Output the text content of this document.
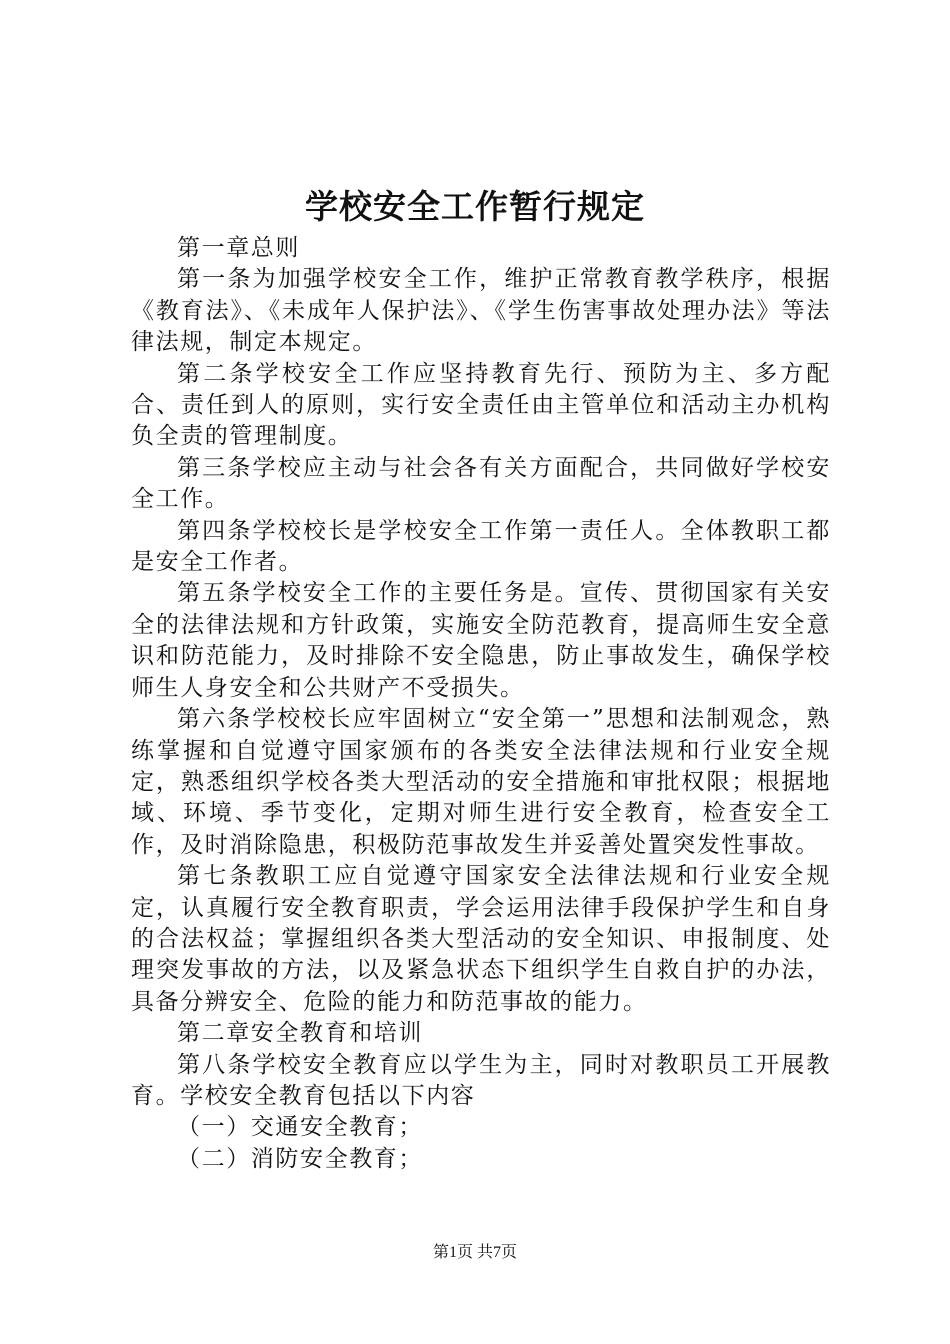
学校安全工作暂行规定

第一章总则

第一条为加强学校安全工作，维护正常教育教学秩序，根据《教育法》、《未成年人保护法》、《学生伤害事故处理办法》等法律法规，制定本规定。

第二条学校安全工作应坚持教育先行、预防为主、多方配合、责任到人的原则，实行安全责任由主管单位和活动主办机构负全责的管理制度。

第三条学校应主动与社会各有关方面配合，共同做好学校安全工作。

第四条学校校长是学校安全工作第一责任人。全体教职工都是安全工作者。

第五条学校安全工作的主要任务是。宣传、贯彻国家有关安全的法律法规和方针政策，实施安全防范教育，提高师生安全意识和防范能力，及时排除不安全隐患，防止事故发生，确保学校师生人身安全和公共财产不受损失。

第六条学校校长应牢固树立“安全第一”思想和法制观念，熟练掌握和自觉遵守国家颁布的各类安全法律法规和行业安全规定，熟悉组织学校各类大型活动的安全措施和审批权限；根据地域、环境、季节变化，定期对师生进行安全教育，检查安全工作，及时消除隐患，积极防范事故发生并妥善处置突发性事故。

第七条教职工应自觉遵守国家安全法律法规和行业安全规定，认真履行安全教育职责，学会运用法律手段保护学生和自身的合法权益；掌握组织各类大型活动的安全知识、申报制度、处理突发事故的方法，以及紧急状态下组织学生自救自护的办法，具备分辨安全、危险的能力和防范事故的能力。

第二章安全教育和培训

第八条学校安全教育应以学生为主，同时对教职员工开展教育。学校安全教育包括以下内容

（一）交通安全教育；

（二）消防安全教育；

第1页 共7页
